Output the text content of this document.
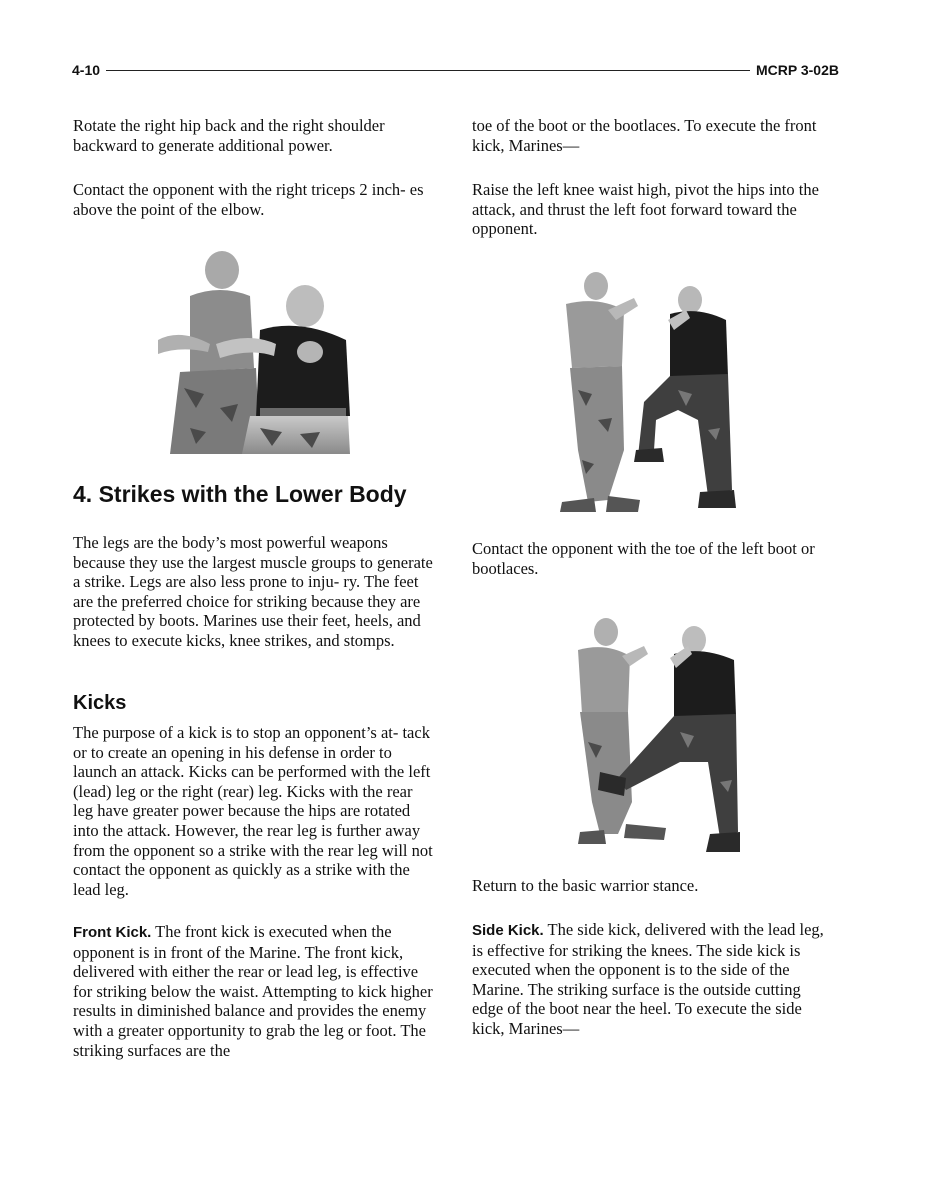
4-10	MCRP 3-02B

Rotate the right hip back and the right shoulder backward to generate additional power.

Contact the opponent with the right triceps 2 inch- es above the point of the elbow.

4. Strikes with the Lower Body

The legs are the body’s most powerful weapons because they use the largest muscle groups to generate a strike. Legs are also less prone to inju- ry. The feet are the preferred choice for striking because they are protected by boots. Marines use their feet, heels, and knees to execute kicks, knee strikes, and stomps.

Kicks

The purpose of a kick is to stop an opponent’s at- tack or to create an opening in his defense in order to launch an attack. Kicks can be performed with the left (lead) leg or the right (rear) leg. Kicks with the rear leg have greater power because the hips are rotated into the attack. However, the rear leg is further away from the opponent so a strike with the rear leg will not contact the opponent as quickly as a strike with the lead leg.

Front Kick. The front kick is executed when the opponent is in front of the Marine. The front kick, delivered with either the rear or lead leg, is effective for striking below the waist. Attempting to kick higher results in diminished balance and provides the enemy with a greater opportunity to grab the leg or foot. The striking surfaces are the

toe of the boot or the bootlaces. To execute the front kick, Marines—

Raise the left knee waist high, pivot the hips into the attack, and thrust the left foot forward toward the opponent.

Contact the opponent with the toe of the left boot or bootlaces.

Return to the basic warrior stance.

Side Kick. The side kick, delivered with the lead leg, is effective for striking the knees. The side kick is executed when the opponent is to the side of the Marine. The striking surface is the outside cutting edge of the boot near the heel. To execute the side kick, Marines—
